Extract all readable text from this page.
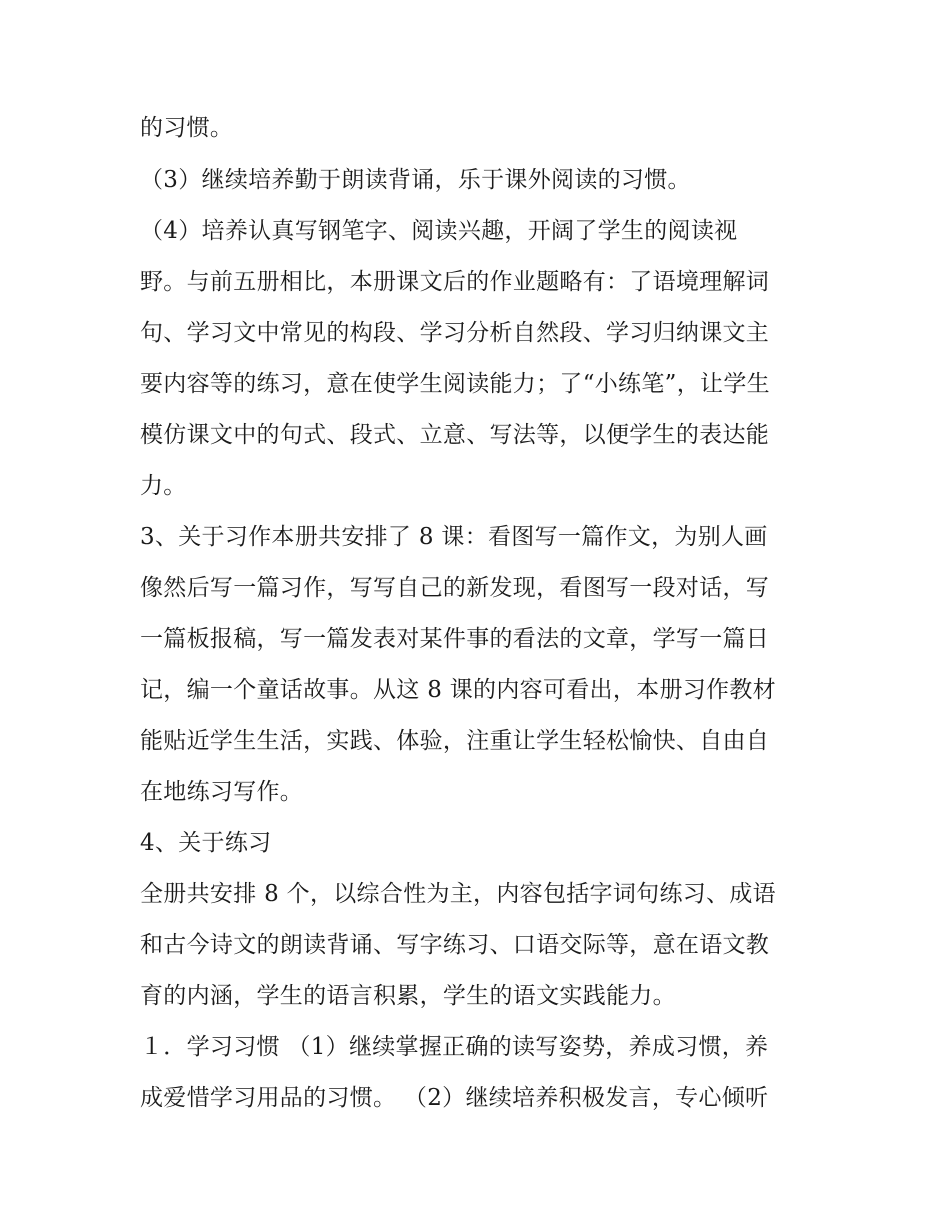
的习惯。
（3）继续培养勤于朗读背诵，乐于课外阅读的习惯。
（4）培养认真写钢笔字、阅读兴趣，开阔了学生的阅读视
野。与前五册相比，本册课文后的作业题略有：了语境理解词
句、学习文中常见的构段、学习分析自然段、学习归纳课文主
要内容等的练习，意在使学生阅读能力；了“小练笔”，让学生
模仿课文中的句式、段式、立意、写法等，以便学生的表达能
力。
3、关于习作本册共安排了 8 课：看图写一篇作文，为别人画
像然后写一篇习作，写写自己的新发现，看图写一段对话，写
一篇板报稿，写一篇发表对某件事的看法的文章，学写一篇日
记，编一个童话故事。从这 8 课的内容可看出，本册习作教材
能贴近学生生活，实践、体验，注重让学生轻松愉快、自由自
在地练习写作。
4、关于练习
全册共安排 8 个，以综合性为主，内容包括字词句练习、成语
和古今诗文的朗读背诵、写字练习、口语交际等，意在语文教
育的内涵，学生的语言积累，学生的语文实践能力。
１．学习习惯 （1）继续掌握正确的读写姿势，养成习惯，养
成爱惜学习用品的习惯。 （2）继续培养积极发言，专心倾听
